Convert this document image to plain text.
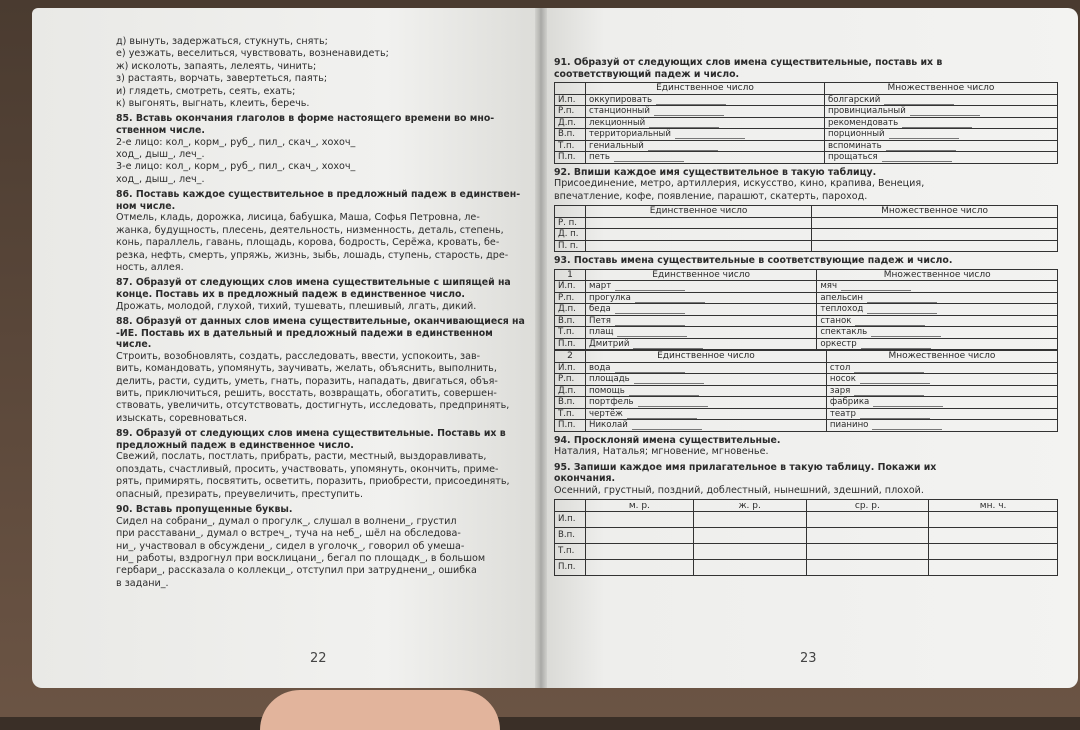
д) вынуть, задержаться, стукнуть, снять;
е) уезжать, веселиться, чувствовать, возненавидеть;
ж) исколоть, запаять, лелеять, чинить;
з) растаять, ворчать, завертеться, паять;
и) глядеть, смотреть, сеять, ехать;
к) выгонять, выгнать, клеить, беречь.
85. Вставь окончания глаголов в форме настоящего времени во мно-
ственном числе.
2-е лицо: кол_, корм_, руб_, пил_, скач_, хохоч_
ход_, дыш_, леч_.
3-е лицо: кол_, корм_, руб_, пил_, скач_, хохоч_
ход_, дыш_, леч_.
86. Поставь каждое существительное в предложный падеж в единствен-
ном числе.
Отмель, кладь, дорожка, лисица, бабушка, Маша, Софья Петровна, ле-
жанка, будущность, плесень, деятельность, низменность, деталь, степень,
конь, параллель, гавань, площадь, корова, бодрость, Серёжа, кровать, бе-
резка, нефть, смерть, упряжь, жизнь, зыбь, лошадь, ступень, старость, дре-
ность, аллея.
87. Образуй от следующих слов имена существительные с шипящей на
конце. Поставь их в предложный падеж в единственное число.
Дрожать, молодой, глухой, тихий, тушевать, плешивый, лгать, дикий.
88. Образуй от данных слов имена существительные, оканчивающиеся на
-ИЕ. Поставь их в дательный и предложный падежи в единственном
числе.
Строить, возобновлять, создать, расследовать, ввести, успокоить, зав-
вить, командовать, упомянуть, заучивать, желать, объяснить, выполнить,
делить, расти, судить, уметь, гнать, поразить, нападать, двигаться, объя-
вить, приключиться, решить, восстать, возвращать, обогатить, совершен-
ствовать, увеличить, отсутствовать, достигнуть, исследовать, предпринять,
изыскать, соревноваться.
89. Образуй от следующих слов имена существительные. Поставь их в
предложный падеж в единственное число.
Свежий, послать, постлать, прибрать, расти, местный, выздоравливать,
опоздать, счастливый, просить, участвовать, упомянуть, окончить, приме-
рять, примирять, посвятить, осветить, поразить, приобрести, присоединять,
опасный, презирать, преувеличить, преступить.
90. Вставь пропущенные буквы.
Сидел на собрани_, думал о прогулк_, слушал в волнени_, грустил
при расставани_, думал о встреч_, туча на неб_, шёл на обследова-
ни_, участвовал в обсуждени_, сидел в уголочк_, говорил об умеша-
ни_ работы, вздрогнул при восклицани_, бегал по площадк_, в большом
гербари_, рассказала о коллекци_, отступил при затруднени_, ошибка
в задани_.
22
91. Образуй от следующих слов имена существительные, поставь их в
соответствующий падеж и число.
	Единственное число	Множественное число
И.п.	оккупировать	болгарский
Р.п.	станционный	провинциальный
Д.п.	лекционный	рекомендовать
В.п.	территориальный	порционный
Т.п.	гениальный	вспоминать
П.п.	петь	прощаться
92. Впиши каждое имя существительное в такую таблицу.
Присоединение, метро, артиллерия, искусство, кино, крапива, Венеция,
впечатление, кофе, появление, парашют, скатерть, пароход.
	Единственное число	Множественное число
Р. п.		
Д. п.		
П. п.		
93. Поставь имена существительные в соответствующие падеж и число.
1	Единственное число	Множественное число
И.п.	март	мяч
Р.п.	прогулка	апельсин
Д.п.	беда	теплоход
В.п.	Петя	станок
Т.п.	плащ	спектакль
П.п.	Дмитрий	оркестр
2	Единственное число	Множественное число
И.п.	вода	стол
Р.п.	площадь	носок
Д.п.	помощь	заря
В.п.	портфель	фабрика
Т.п.	чертёж	театр
П.п.	Николай	пианино
94. Просклоняй имена существительные.
Наталия, Наталья; мгновение, мгновенье.
95. Запиши каждое имя прилагательное в такую таблицу. Покажи их
окончания.
Осенний, грустный, поздний, доблестный, нынешний, здешний, плохой.
	м. р.	ж. р.	ср. р.	мн. ч.
И.п.				
В.п.				
Т.п.				
П.п.				
23
